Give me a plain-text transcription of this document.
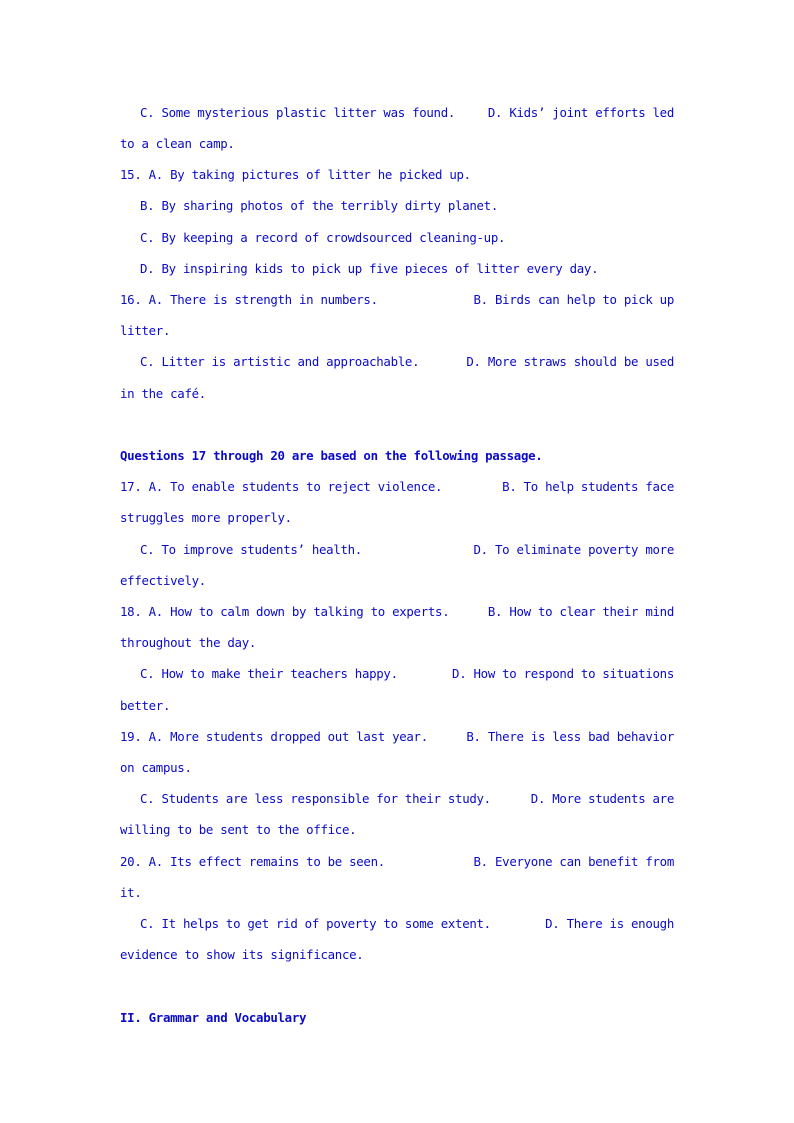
C. Some mysterious plastic litter was found.	D. Kids’ joint efforts led
to a clean camp.
15. A. By taking pictures of litter he picked up.
B. By sharing photos of the terribly dirty planet.
C. By keeping a record of crowdsourced cleaning-up.
D. By inspiring kids to pick up five pieces of litter every day.
16. A. There is strength in numbers.	B. Birds can help to pick up
litter.
C. Litter is artistic and approachable.	D. More straws should be used
in the café.
Questions 17 through 20 are based on the following passage.
17. A. To enable students to reject violence.	B. To help students face
struggles more properly.
C. To improve students’ health.	D. To eliminate poverty more
effectively.
18. A. How to calm down by talking to experts.	B. How to clear their mind
throughout the day.
C. How to make their teachers happy.	D. How to respond to situations
better.
19. A. More students dropped out last year.	B. There is less bad behavior
on campus.
C. Students are less responsible for their study.	D. More students are
willing to be sent to the office.
20. A. Its effect remains to be seen.	B. Everyone can benefit from
it.
C. It helps to get rid of poverty to some extent.	D. There is enough
evidence to show its significance.
II. Grammar and Vocabulary
